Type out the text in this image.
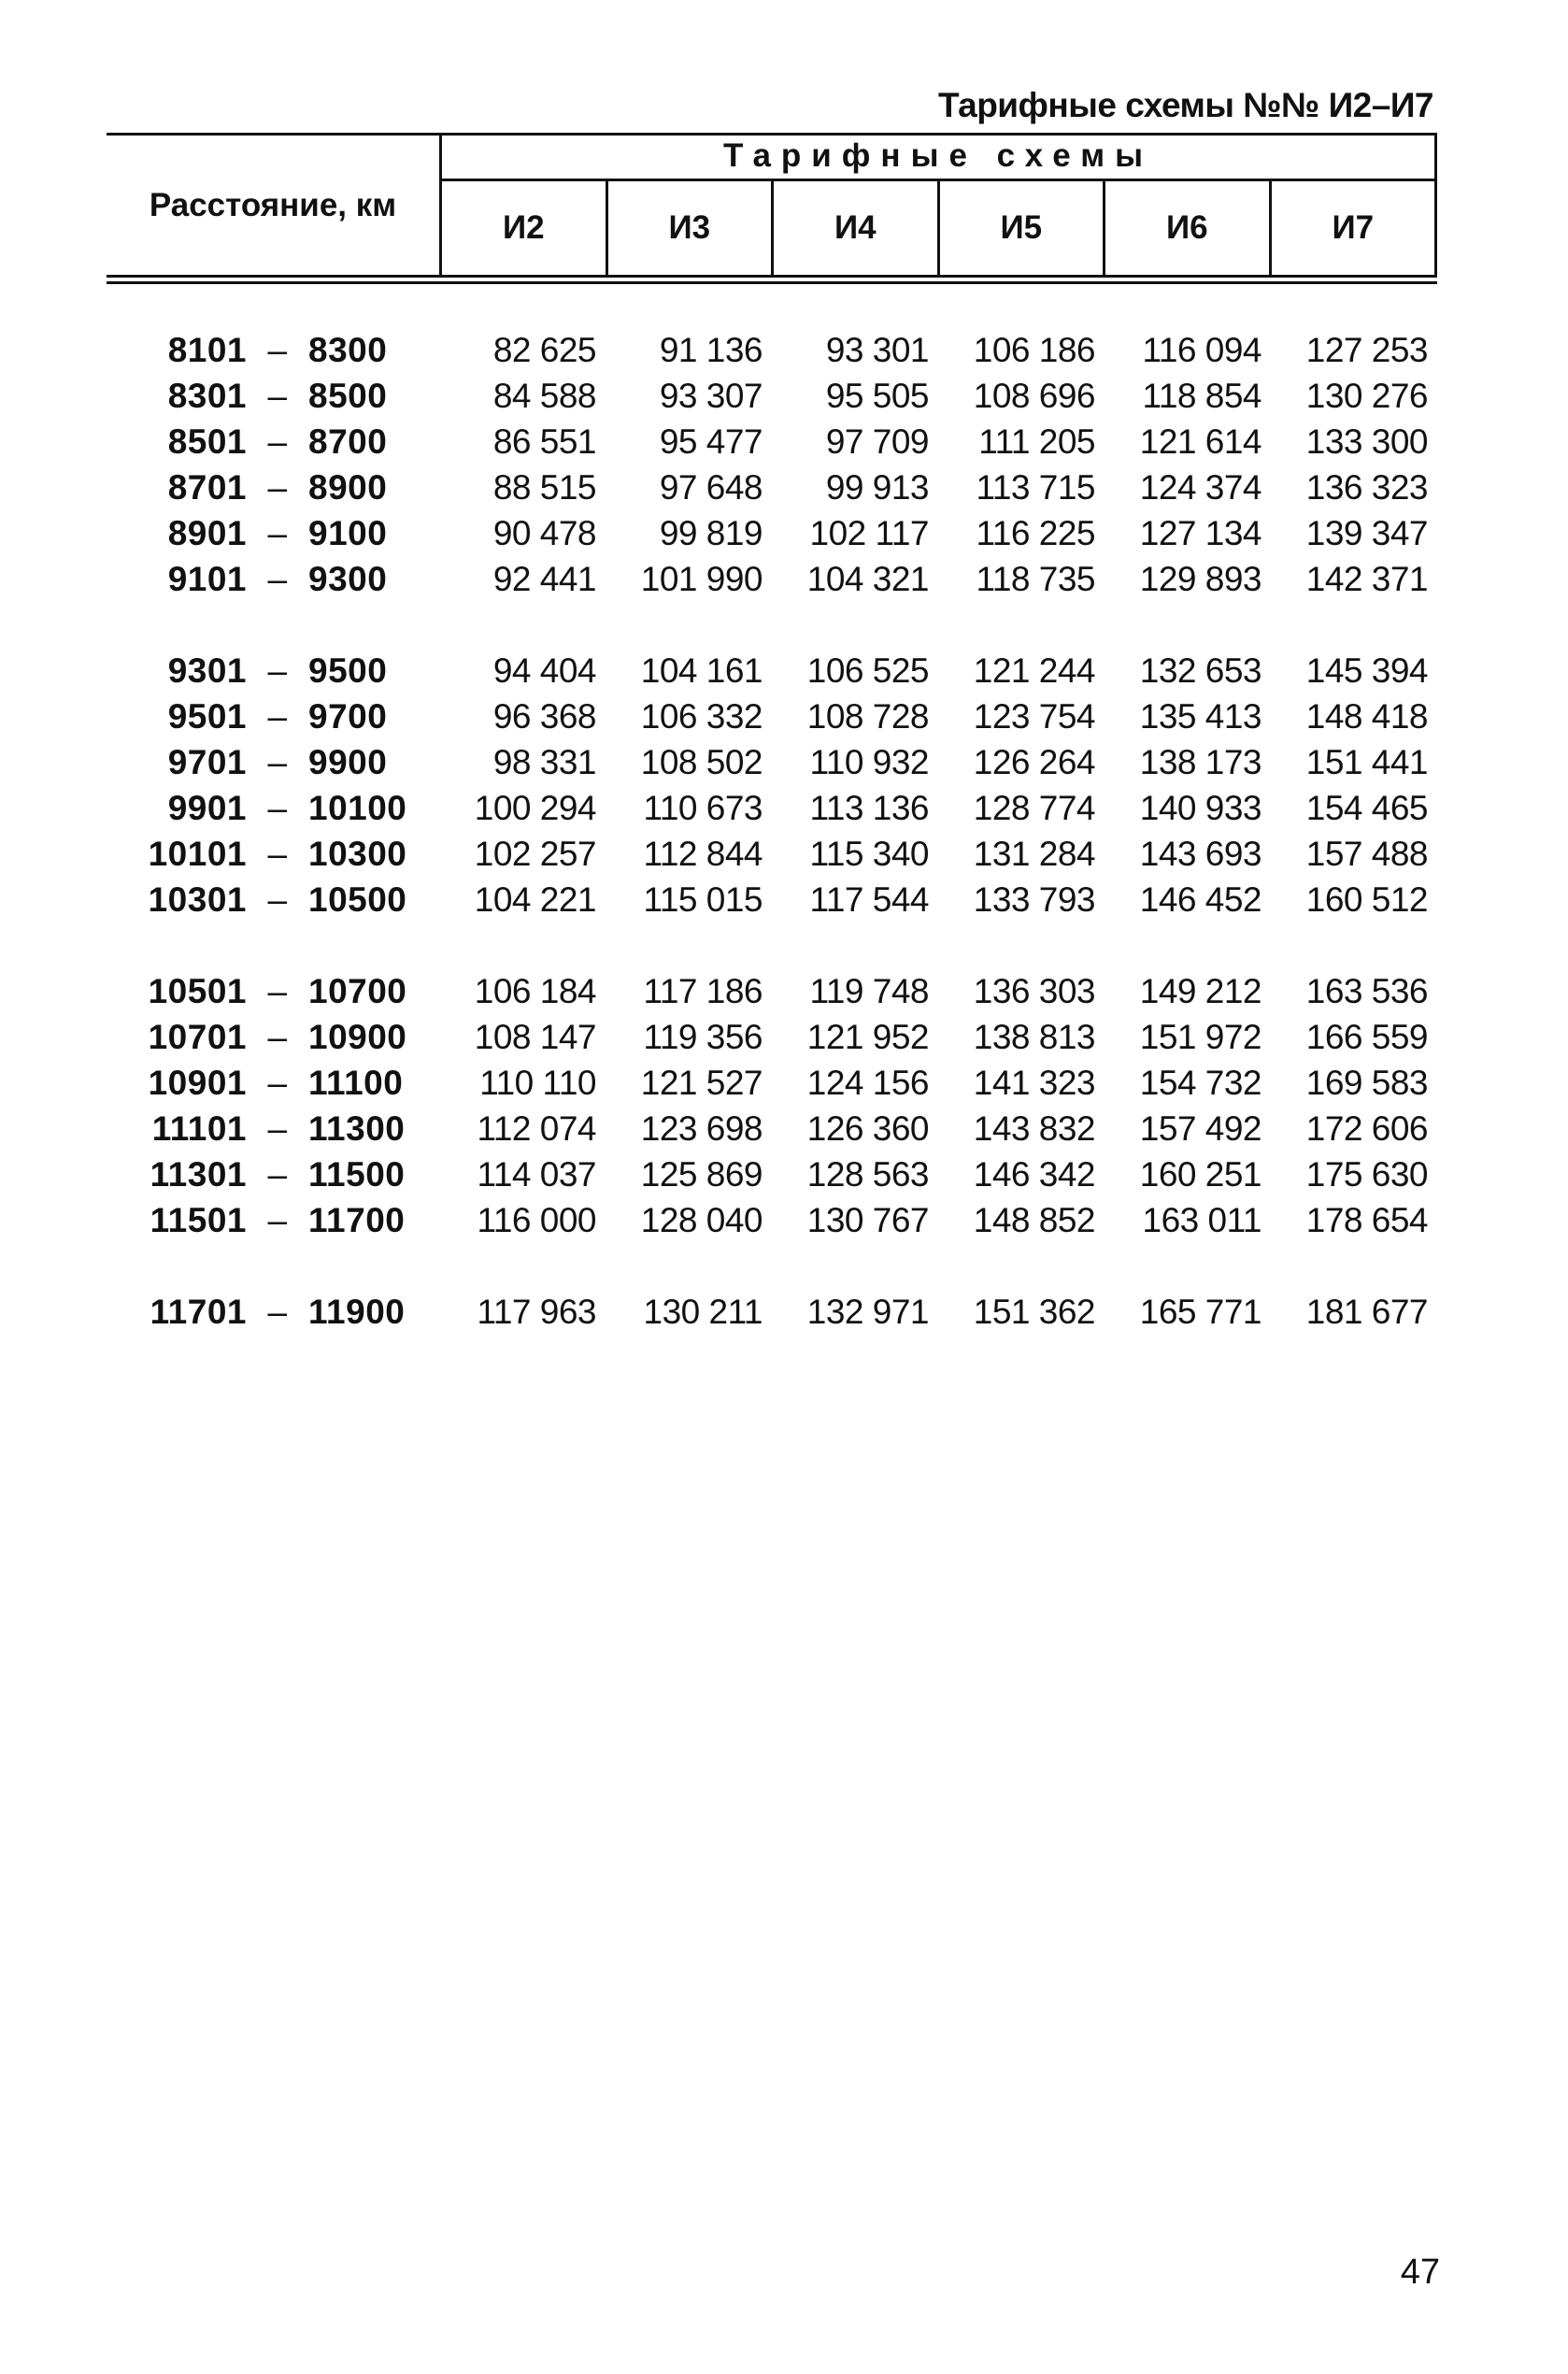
Тарифные схемы №№ И2–И7
Расстояние, км
Тарифные схемы
И2	И3	И4	И5	И6	И7
8101 – 8300	82 625	91 136	93 301	106 186	116 094	127 253
8301 – 8500	84 588	93 307	95 505	108 696	118 854	130 276
8501 – 8700	86 551	95 477	97 709	111 205	121 614	133 300
8701 – 8900	88 515	97 648	99 913	113 715	124 374	136 323
8901 – 9100	90 478	99 819	102 117	116 225	127 134	139 347
9101 – 9300	92 441	101 990	104 321	118 735	129 893	142 371
9301 – 9500	94 404	104 161	106 525	121 244	132 653	145 394
9501 – 9700	96 368	106 332	108 728	123 754	135 413	148 418
9701 – 9900	98 331	108 502	110 932	126 264	138 173	151 441
9901 – 10100	100 294	110 673	113 136	128 774	140 933	154 465
10101 – 10300	102 257	112 844	115 340	131 284	143 693	157 488
10301 – 10500	104 221	115 015	117 544	133 793	146 452	160 512
10501 – 10700	106 184	117 186	119 748	136 303	149 212	163 536
10701 – 10900	108 147	119 356	121 952	138 813	151 972	166 559
10901 – 11100	110 110	121 527	124 156	141 323	154 732	169 583
11101 – 11300	112 074	123 698	126 360	143 832	157 492	172 606
11301 – 11500	114 037	125 869	128 563	146 342	160 251	175 630
11501 – 11700	116 000	128 040	130 767	148 852	163 011	178 654
11701 – 11900	117 963	130 211	132 971	151 362	165 771	181 677
47
